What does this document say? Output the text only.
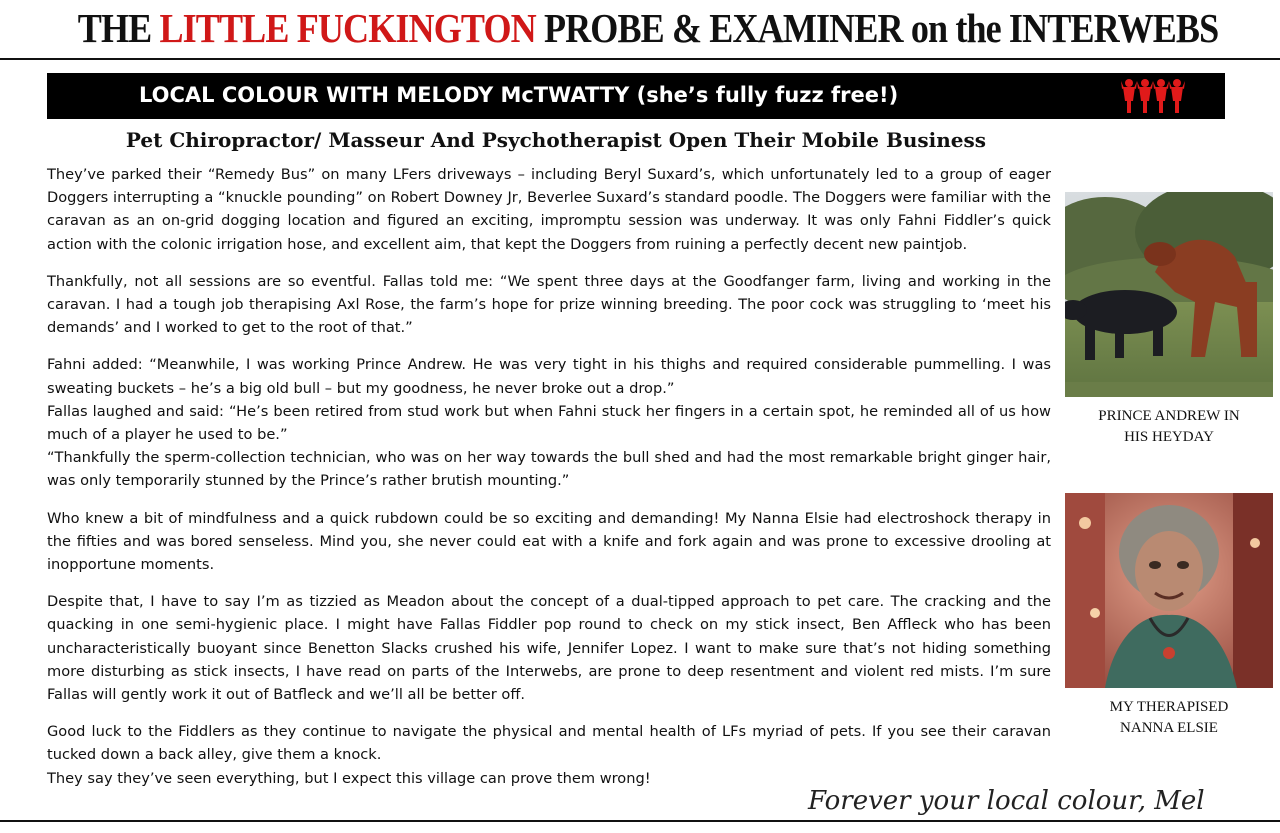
THE LITTLE FUCKINGTON PROBE & EXAMINER on the INTERWEBS
LOCAL COLOUR WITH MELODY McTWATTY (she’s fully fuzz free!)
Pet Chiropractor/ Masseur And Psychotherapist Open Their Mobile Business

They’ve parked their “Remedy Bus” on many LFers driveways – including Beryl Suxard’s, which unfortunately led to a group of eager Doggers interrupting a “knuckle pounding” on Robert Downey Jr, Beverlee Suxard’s standard poodle. The Doggers were familiar with the caravan as an on-grid dogging location and figured an exciting, impromptu session was underway. It was only Fahni Fiddler’s quick action with the colonic irrigation hose, and excellent aim, that kept the Doggers from ruining a perfectly decent new paintjob.

Thankfully, not all sessions are so eventful. Fallas told me: “We spent three days at the Goodfanger farm, living and working in the caravan. I had a tough job therapising Axl Rose, the farm’s hope for prize winning breeding. The poor cock was struggling to ‘meet his demands’ and I worked to get to the root of that.”

Fahni added: “Meanwhile, I was working Prince Andrew. He was very tight in his thighs and required considerable pummelling. I was sweating buckets – he’s a big old bull – but my goodness, he never broke out a drop.”

Fallas laughed and said: “He’s been retired from stud work but when Fahni stuck her fingers in a certain spot, he reminded all of us how much of a player he used to be.”

“Thankfully the sperm-collection technician, who was on her way towards the bull shed and had the most remarkable bright ginger hair, was only temporarily stunned by the Prince’s rather brutish mounting.”

Who knew a bit of mindfulness and a quick rubdown could be so exciting and demanding! My Nanna Elsie had electroshock therapy in the fifties and was bored senseless. Mind you, she never could eat with a knife and fork again and was prone to excessive drooling at inopportune moments.

Despite that, I have to say I’m as tizzied as Meadon about the concept of a dual-tipped approach to pet care. The cracking and the quacking in one semi-hygienic place. I might have Fallas Fiddler pop round to check on my stick insect, Ben Affleck who has been uncharacteristically buoyant since Benetton Slacks crushed his wife, Jennifer Lopez. I want to make sure that’s not hiding something more disturbing as stick insects, I have read on parts of the Interwebs, are prone to deep resentment and violent red mists. I’m sure Fallas will gently work it out of Batfleck and we’ll all be better off.

Good luck to the Fiddlers as they continue to navigate the physical and mental health of LFs myriad of pets. If you see their caravan tucked down a back alley, give them a knock.

They say they’ve seen everything, but I expect this village can prove them wrong!

PRINCE ANDREW IN
HIS HEYDAY
MY THERAPISED
NANNA ELSIE
Forever your local colour, Mel
